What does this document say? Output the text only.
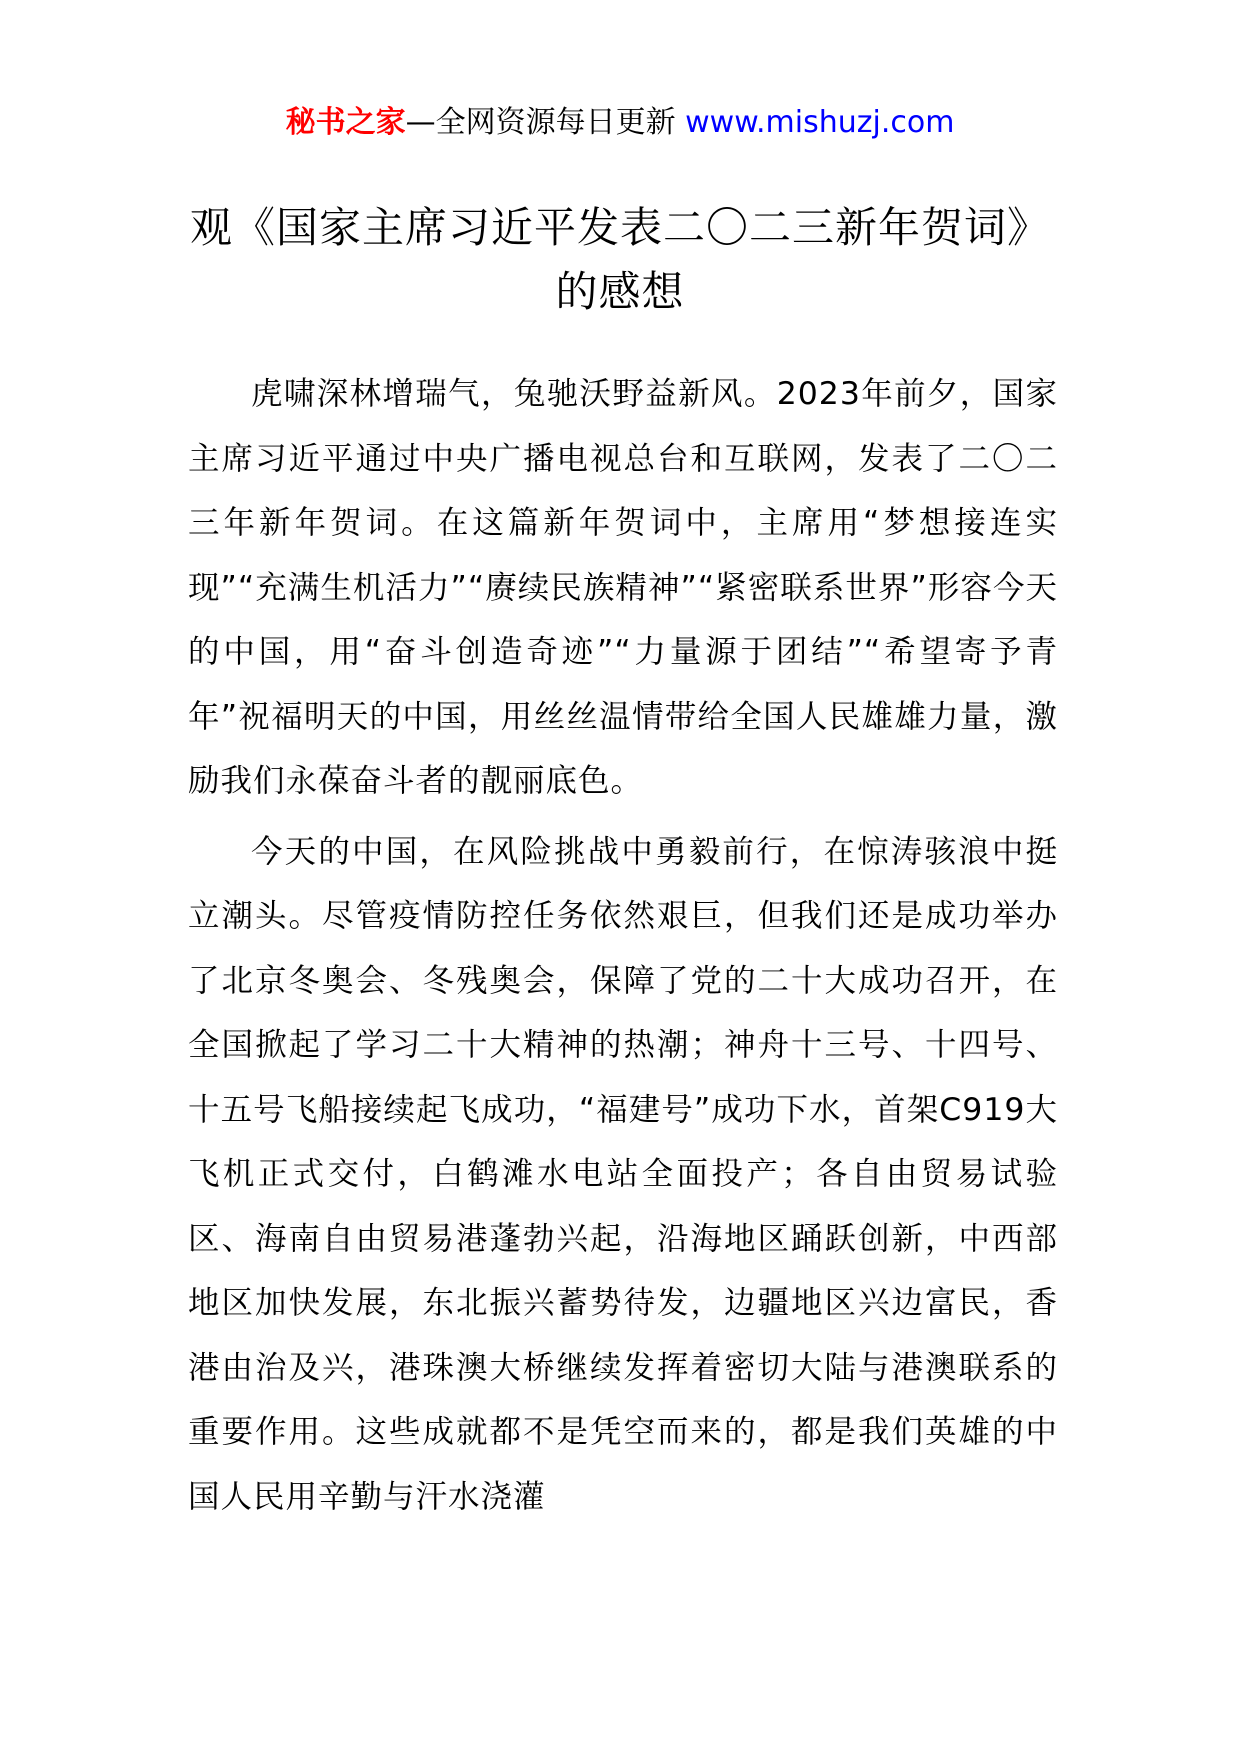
秘书之家—全网资源每日更新 www.mishuzj.com
观《国家主席习近平发表二〇二三新年贺词》的感想

虎啸深林增瑞气，兔驰沃野益新风。2023年前夕，国家主席习近平通过中央广播电视总台和互联网，发表了二〇二三年新年贺词。在这篇新年贺词中，主席用“梦想接连实现”“充满生机活力”“赓续民族精神”“紧密联系世界”形容今天的中国，用“奋斗创造奇迹”“力量源于团结”“希望寄予青年”祝福明天的中国，用丝丝温情带给全国人民雄雄力量，激励我们永葆奋斗者的靓丽底色。

今天的中国，在风险挑战中勇毅前行，在惊涛骇浪中挺立潮头。尽管疫情防控任务依然艰巨，但我们还是成功举办了北京冬奥会、冬残奥会，保障了党的二十大成功召开，在全国掀起了学习二十大精神的热潮；神舟十三号、十四号、十五号飞船接续起飞成功，“福建号”成功下水，首架C919大飞机正式交付，白鹤滩水电站全面投产；各自由贸易试验区、海南自由贸易港蓬勃兴起，沿海地区踊跃创新，中西部地区加快发展，东北振兴蓄势待发，边疆地区兴边富民，香港由治及兴，港珠澳大桥继续发挥着密切大陆与港澳联系的重要作用。这些成就都不是凭空而来的，都是我们英雄的中国人民用辛勤与汗水浇灌
